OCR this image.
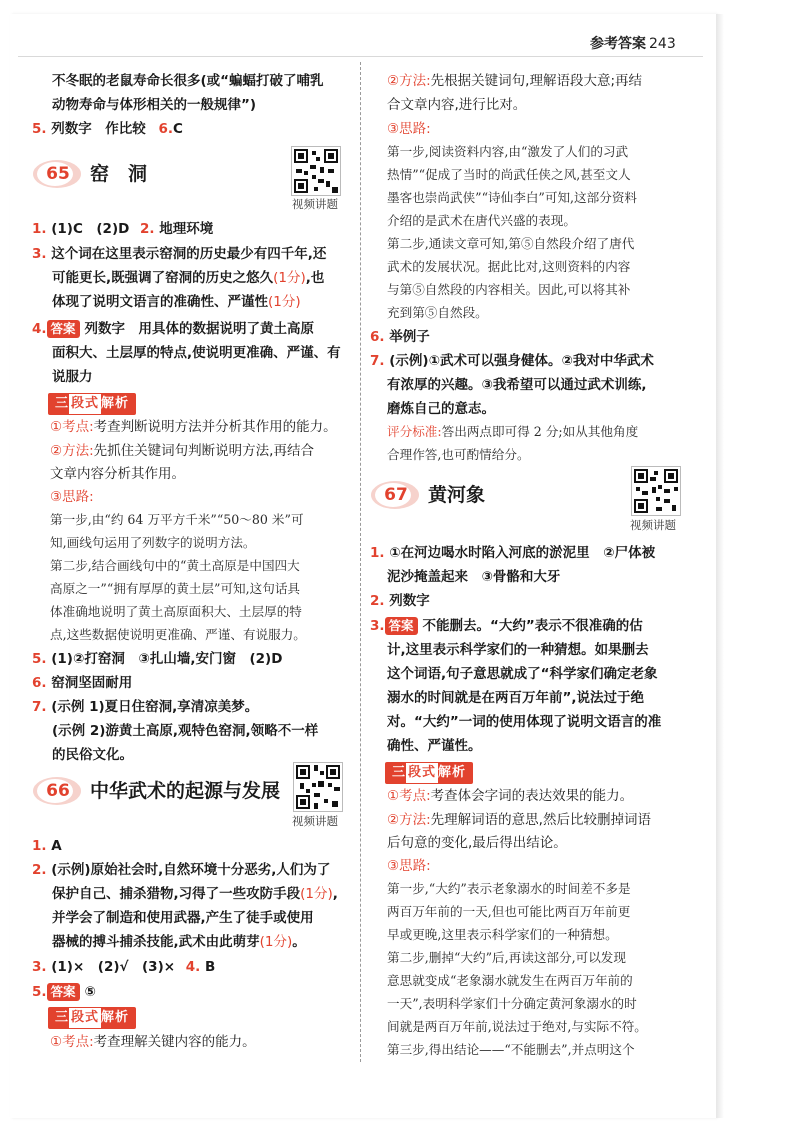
参考答案 243
不冬眠的老鼠寿命长很多(或“蝙蝠打破了哺乳
动物寿命与体形相关的一般规律”)
5. 列数字　作比较 6.C
65	窑　洞
视频讲题
1. (1)C　(2)D 2. 地理环境
3. 这个词在这里表示窑洞的历史最少有四千年,还
可能更长,既强调了窑洞的历史之悠久(1分),也
体现了说明文语言的准确性、严谨性(1分)
4. 答案 列数字　用具体的数据说明了黄土高原
面积大、土层厚的特点,使说明更准确、严谨、有
说服力
三 段式 解析
①考点:考查判断说明方法并分析其作用的能力。
②方法:先抓住关键词句判断说明方法,再结合
文章内容分析其作用。
③思路:
第一步,由“约 64 万平方千米”“50～80 米”可
知,画线句运用了列数字的说明方法。
第二步,结合画线句中的“黄土高原是中国四大
高原之一”“拥有厚厚的黄土层”可知,这句话具
体准确地说明了黄土高原面积大、土层厚的特
点,这些数据使说明更准确、严谨、有说服力。
5. (1)②打窑洞　③扎山墙,安门窗　(2)D
6. 窑洞坚固耐用
7. (示例 1)夏日住窑洞,享清凉美梦。
(示例 2)游黄土高原,观特色窑洞,领略不一样
的民俗文化。
66	中华武术的起源与发展
视频讲题
1. A
2. (示例)原始社会时,自然环境十分恶劣,人们为了
保护自己、捕杀猎物,习得了一些攻防手段(1分),
并学会了制造和使用武器,产生了徒手或使用
器械的搏斗捕杀技能,武术由此萌芽(1分)。
3. (1)×　(2)√　(3)× 4. B
5. 答案 ⑤
三 段式 解析
①考点:考查理解关键内容的能力。
②方法:先根据关键词句,理解语段大意;再结
合文章内容,进行比对。
③思路:
第一步,阅读资料内容,由“激发了人们的习武
热情”“促成了当时的尚武任侠之风,甚至文人
墨客也崇尚武侠”“诗仙李白”可知,这部分资料
介绍的是武术在唐代兴盛的表现。
第二步,通读文章可知,第⑤自然段介绍了唐代
武术的发展状况。据此比对,这则资料的内容
与第⑤自然段的内容相关。因此,可以将其补
充到第⑤自然段。
6. 举例子
7. (示例)①武术可以强身健体。②我对中华武术
有浓厚的兴趣。③我希望可以通过武术训练,
磨炼自己的意志。
评分标准:答出两点即可得 2 分;如从其他角度
合理作答,也可酌情给分。
67	黄河象
视频讲题
1. ①在河边喝水时陷入河底的淤泥里　②尸体被
泥沙掩盖起来　③骨骼和大牙
2. 列数字
3. 答案 不能删去。“大约”表示不很准确的估
计,这里表示科学家们的一种猜想。如果删去
这个词语,句子意思就成了“科学家们确定老象
溺水的时间就是在两百万年前”,说法过于绝
对。“大约”一词的使用体现了说明文语言的准
确性、严谨性。
三 段式 解析
①考点:考查体会字词的表达效果的能力。
②方法:先理解词语的意思,然后比较删掉词语
后句意的变化,最后得出结论。
③思路:
第一步,“大约”表示老象溺水的时间差不多是
两百万年前的一天,但也可能比两百万年前更
早或更晚,这里表示科学家们的一种猜想。
第二步,删掉“大约”后,再读这部分,可以发现
意思就变成“老象溺水就发生在两百万年前的
一天”,表明科学家们十分确定黄河象溺水的时
间就是两百万年前,说法过于绝对,与实际不符。
第三步,得出结论——“不能删去”,并点明这个
